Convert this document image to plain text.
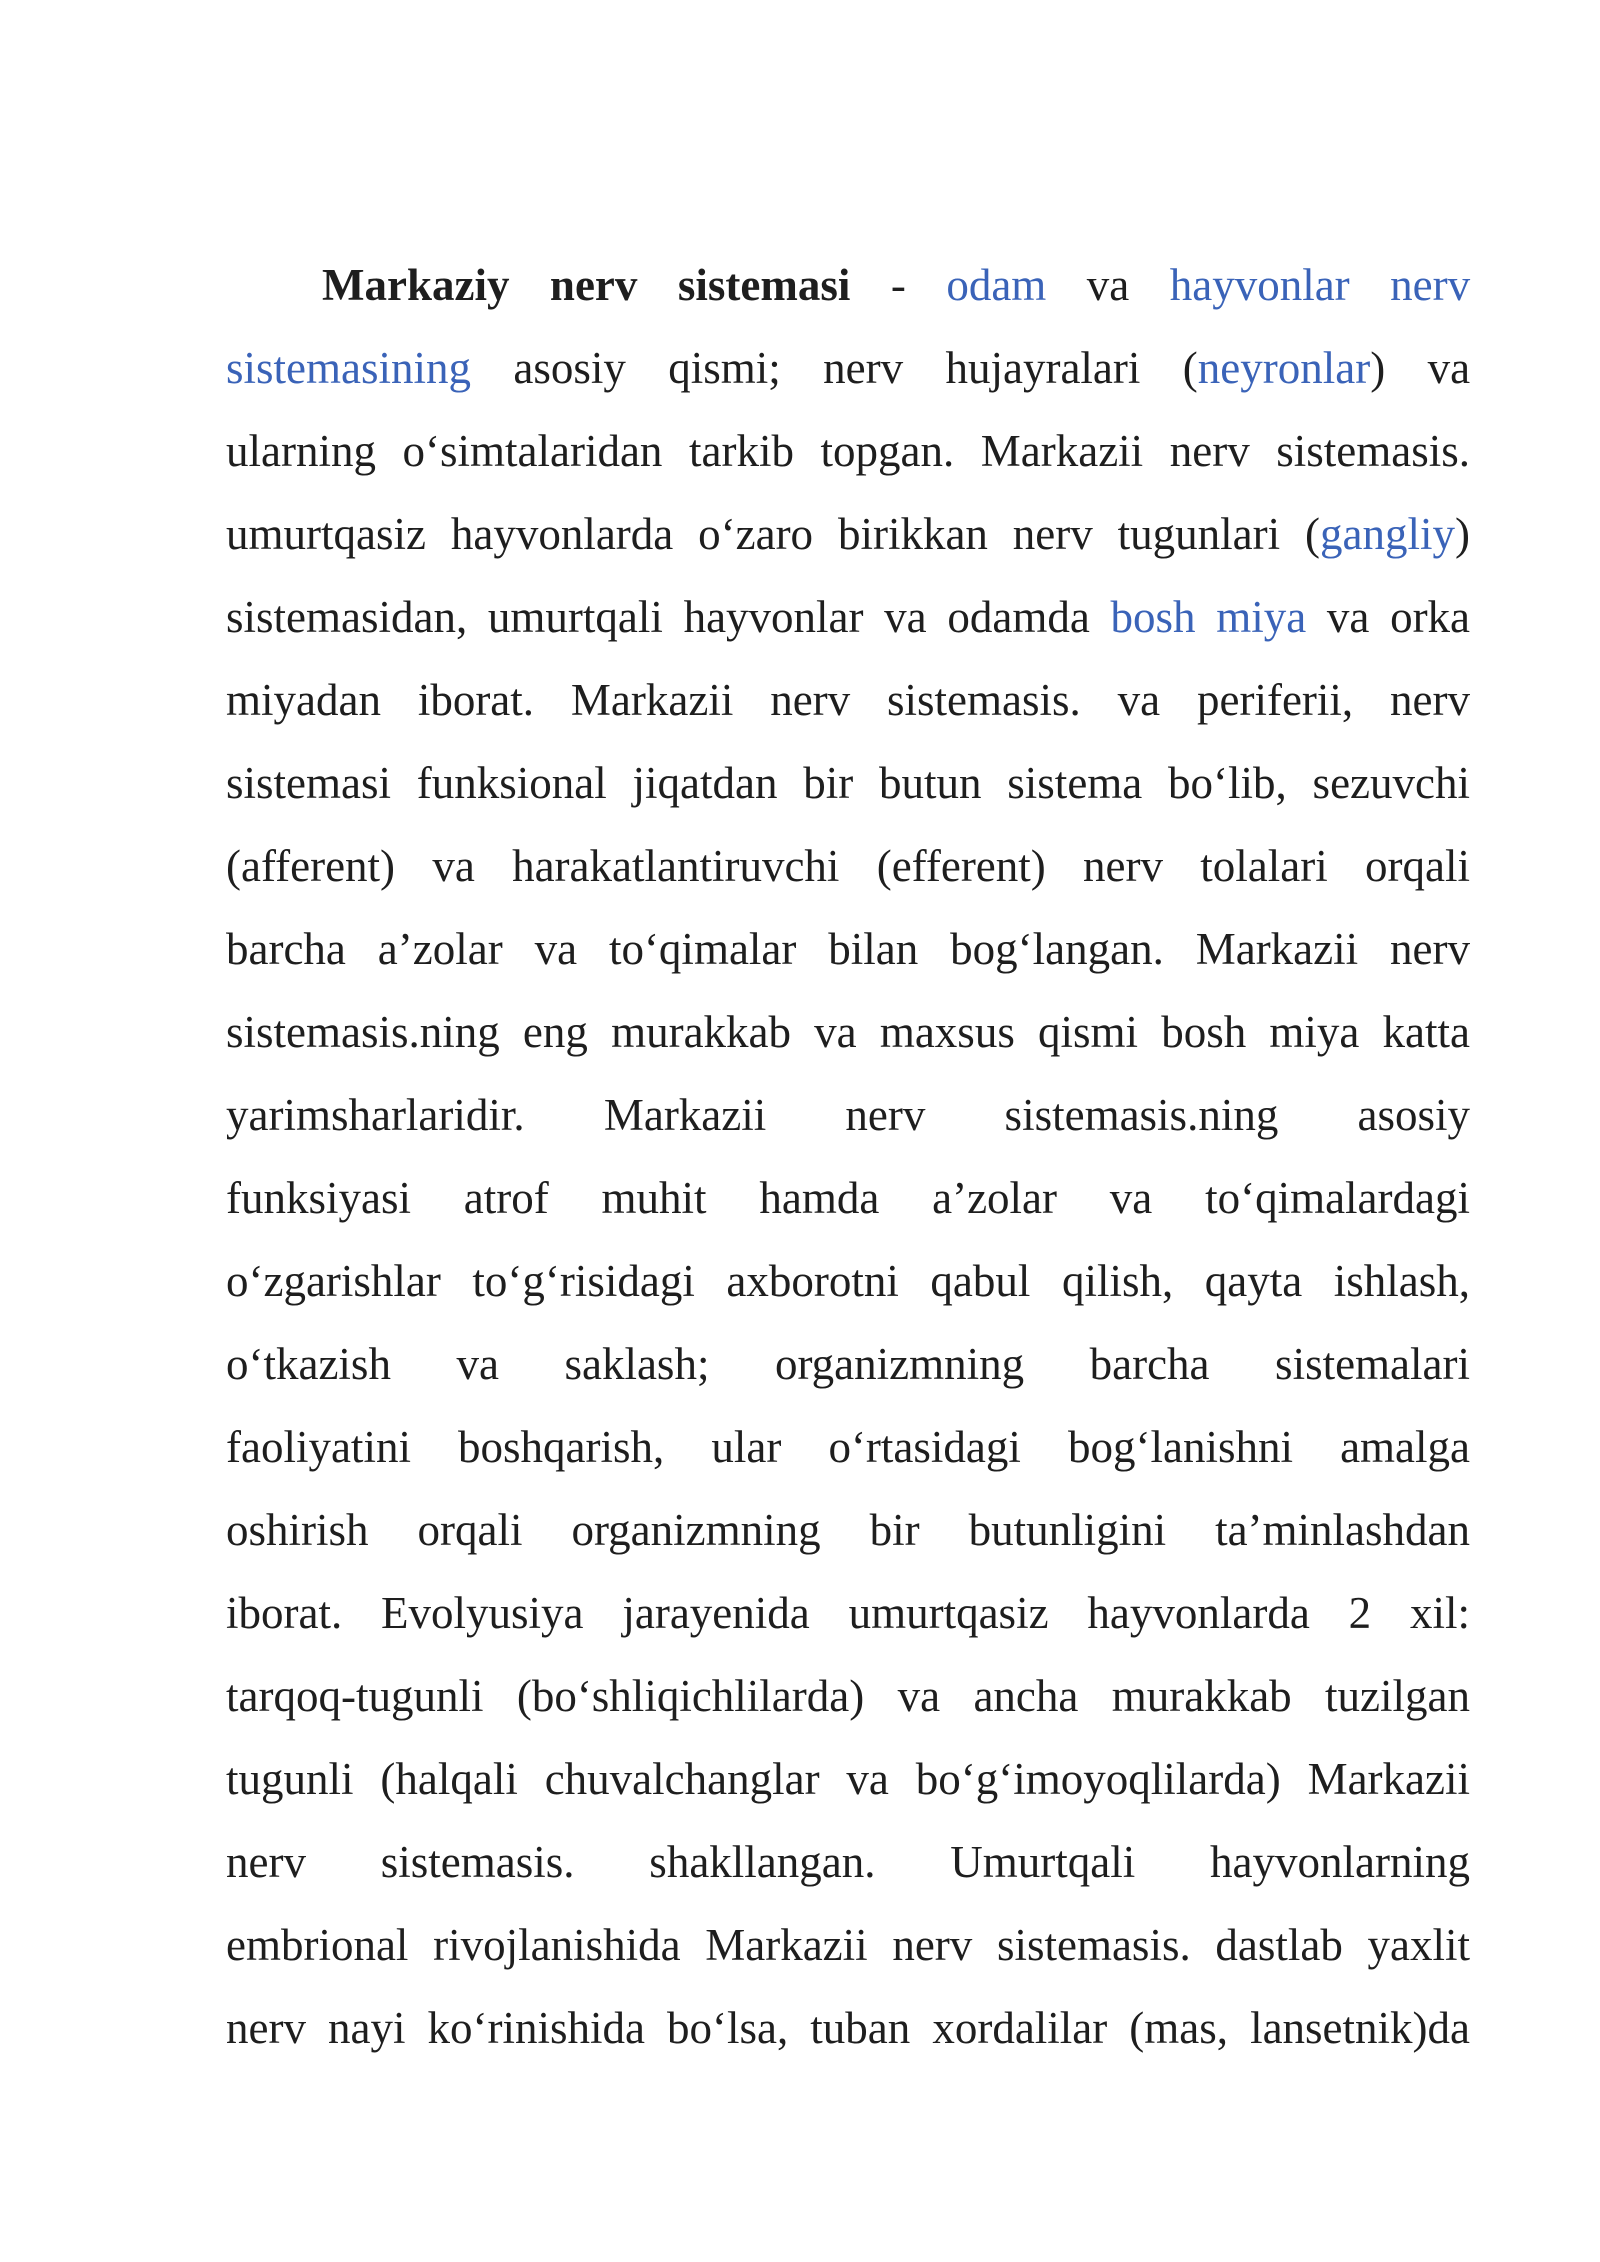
Markaziy nerv sistemasi - odam va hayvonlar nerv
sistemasining asosiy qismi; nerv hujayralari (neyronlar) va
ularning o‘simtalaridan tarkib topgan. Markazii nerv sistemasis.
umurtqasiz hayvonlarda o‘zaro birikkan nerv tugunlari (gangliy)
sistemasidan, umurtqali hayvonlar va odamda bosh miya va orka
miyadan iborat. Markazii nerv sistemasis. va periferii, nerv
sistemasi funksional jiqatdan bir butun sistema bo‘lib, sezuvchi
(afferent) va harakatlantiruvchi (efferent) nerv tolalari orqali
barcha a’zolar va to‘qimalar bilan bog‘langan. Markazii nerv
sistemasis.ning eng murakkab va maxsus qismi bosh miya katta
yarimsharlaridir. Markazii nerv sistemasis.ning asosiy
funksiyasi atrof muhit hamda a’zolar va to‘qimalardagi
o‘zgarishlar to‘g‘risidagi axborotni qabul qilish, qayta ishlash,
o‘tkazish va saklash; organizmning barcha sistemalari
faoliyatini boshqarish, ular o‘rtasidagi bog‘lanishni amalga
oshirish orqali organizmning bir butunligini ta’minlashdan
iborat. Evolyusiya jarayenida umurtqasiz hayvonlarda 2 xil:
tarqoq-tugunli (bo‘shliqichlilarda) va ancha murakkab tuzilgan
tugunli (halqali chuvalchanglar va bo‘g‘imoyoqlilarda) Markazii
nerv sistemasis. shakllangan. Umurtqali hayvonlarning
embrional rivojlanishida Markazii nerv sistemasis. dastlab yaxlit
nerv nayi ko‘rinishida bo‘lsa, tuban xordalilar (mas, lansetnik)da
